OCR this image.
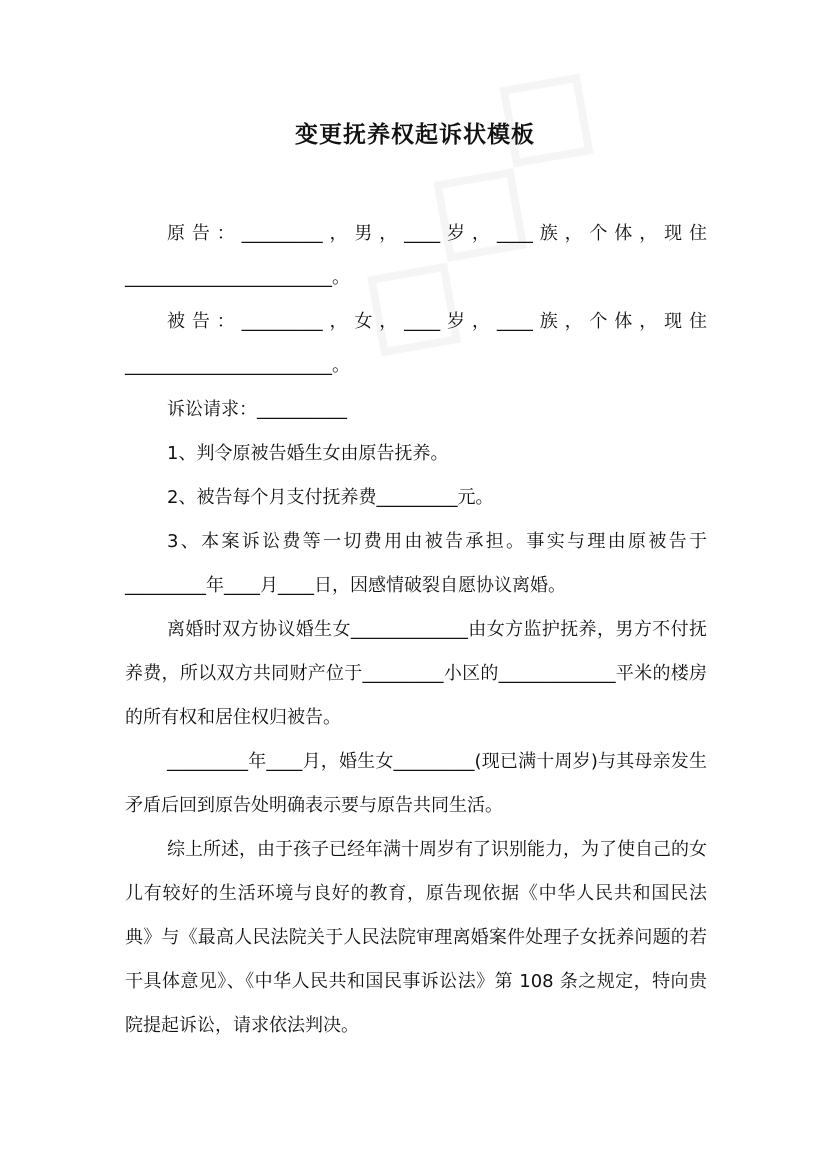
变更抚养权起诉状模板

原告：_________，男，____岁，____族，个体，现住_______________________。

被告：_________，女，____岁，____族，个体，现住_______________________。

诉讼请求：__________

1、判令原被告婚生女由原告抚养。

2、被告每个月支付抚养费_________元。

3、本案诉讼费等一切费用由被告承担。事实与理由原被告于_________年____月____日，因感情破裂自愿协议离婚。

离婚时双方协议婚生女_____________由女方监护抚养，男方不付抚养费，所以双方共同财产位于_________小区的_____________平米的楼房的所有权和居住权归被告。

_________年____月，婚生女_________(现已满十周岁)与其母亲发生矛盾后回到原告处明确表示要与原告共同生活。

综上所述，由于孩子已经年满十周岁有了识别能力，为了使自己的女儿有较好的生活环境与良好的教育，原告现依据《中华人民共和国民法典》与《最高人民法院关于人民法院审理离婚案件处理子女抚养问题的若干具体意见》、《中华人民共和国民事诉讼法》第 108 条之规定，特向贵院提起诉讼，请求依法判决。
